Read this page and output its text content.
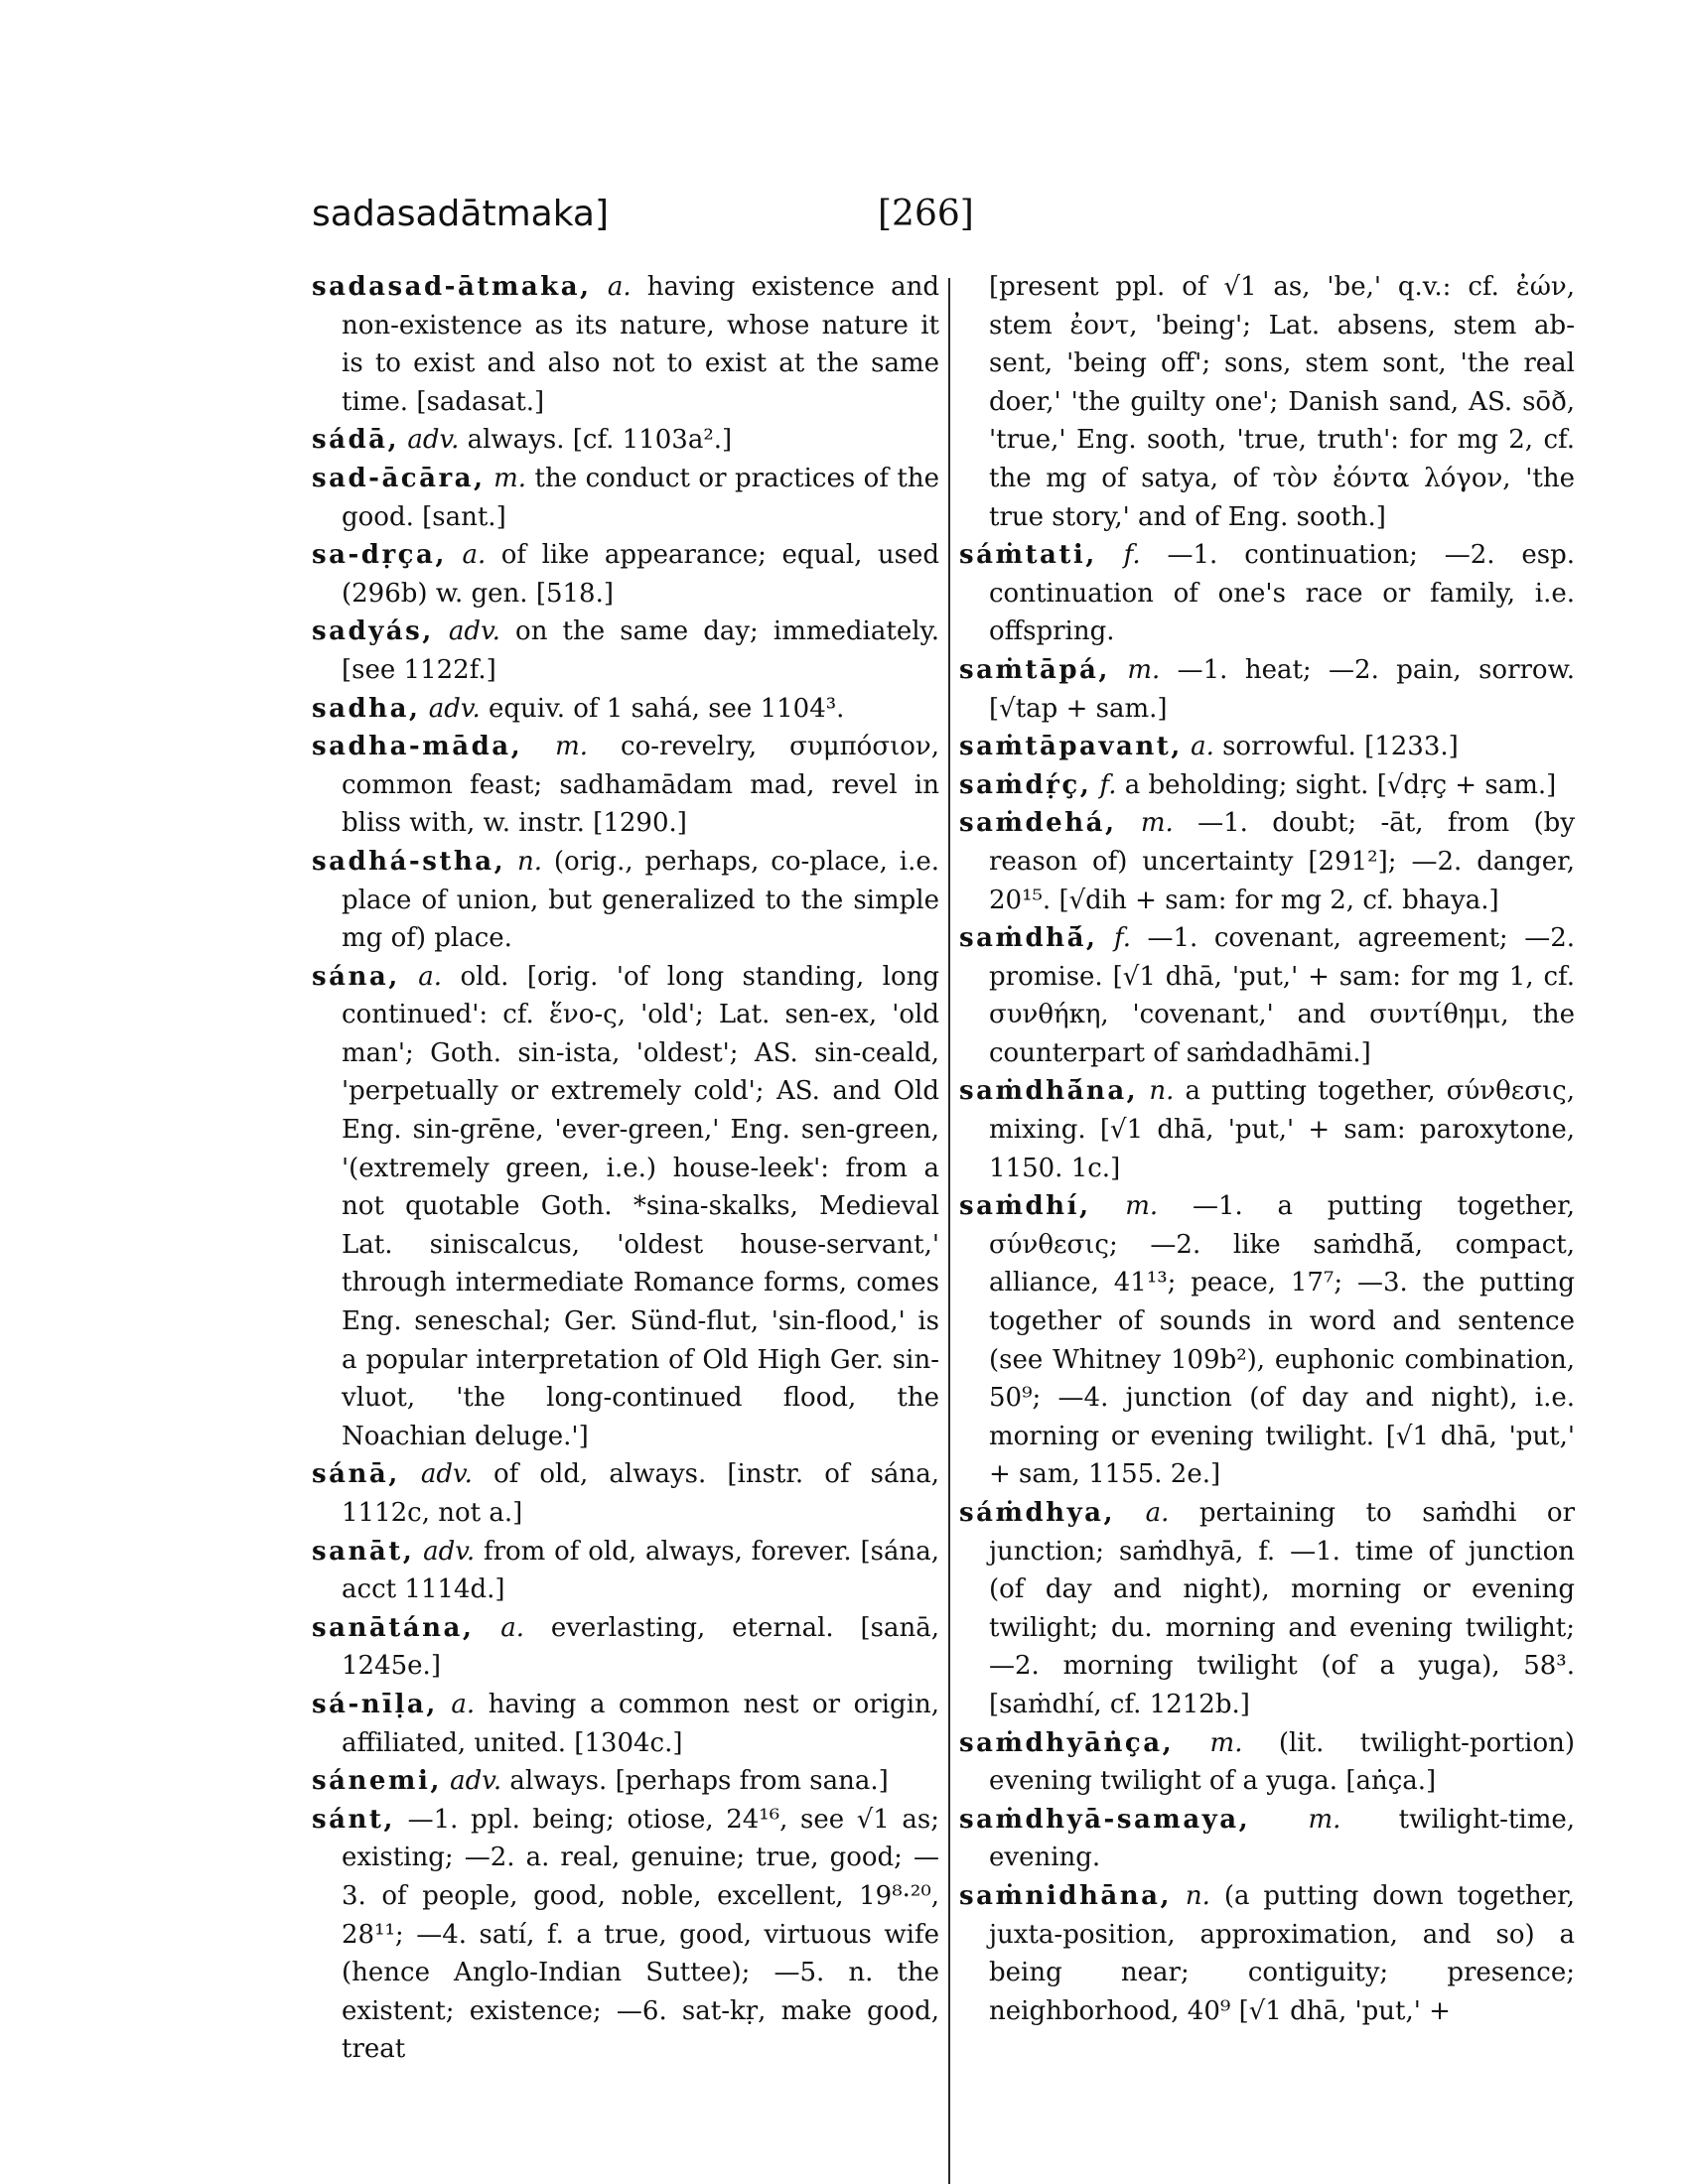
sadasadātmaka]	[266]

sadasad-ātmaka, a. having existence and non-existence as its nature, whose nature it is to exist and also not to exist at the same time. [sadasat.]

sádā, adv. always. [cf. 1103a².]

sad-ācāra, m. the conduct or practices of the good. [sant.]

sa-dṛça, a. of like appearance; equal, used (296b) w. gen. [518.]

sadyás, adv. on the same day; immediately. [see 1122f.]

sadha, adv. equiv. of 1 sahá, see 1104³.

sadha-māda, m. co-revelry, συμπόσιον, common feast; sadhamādam mad, revel in bliss with, w. instr. [1290.]

sadhá-stha, n. (orig., perhaps, co-place, i.e. place of union, but generalized to the simple mg of) place.

sána, a. old. [orig. 'of long standing, long continued': cf. ἕνο-ς, 'old'; Lat. sen-ex, 'old man'; Goth. sin-ista, 'oldest'; AS. sin-ceald, 'perpetually or extremely cold'; AS. and Old Eng. sin-grēne, 'ever-green,' Eng. sen-green, '(extremely green, i.e.) house-leek': from a not quotable Goth. *sina-skalks, Medieval Lat. siniscalcus, 'oldest house-servant,' through intermediate Romance forms, comes Eng. seneschal; Ger. Sünd-flut, 'sin-flood,' is a popular interpretation of Old High Ger. sin-vluot, 'the long-continued flood, the Noachian deluge.']

sánā, adv. of old, always. [instr. of sána, 1112c, not a.]

sanāt, adv. from of old, always, forever. [sána, acct 1114d.]

sanātána, a. everlasting, eternal. [sanā, 1245e.]

sá-nīḷa, a. having a common nest or origin, affiliated, united. [1304c.]

sánemi, adv. always. [perhaps from sana.]

sánt, —1. ppl. being; otiose, 24¹⁶, see √1 as; existing; —2. a. real, genuine; true, good; —3. of people, good, noble, excellent, 19⁸·²⁰, 28¹¹; —4. satí, f. a true, good, virtuous wife (hence Anglo-Indian Suttee); —5. n. the existent; existence; —6. sat-kṛ, make good, treat

[present ppl. of √1 as, 'be,' q.v.: cf. ἐών, stem ἐοντ, 'being'; Lat. absens, stem ab-sent, 'being off'; sons, stem sont, 'the real doer,' 'the guilty one'; Danish sand, AS. sōð, 'true,' Eng. sooth, 'true, truth': for mg 2, cf. the mg of satya, of τὸν ἐόντα λόγον, 'the true story,' and of Eng. sooth.]

sáṁtati, f. —1. continuation; —2. esp. continuation of one's race or family, i.e. offspring.

saṁtāpá, m. —1. heat; —2. pain, sorrow. [√tap + sam.]

saṁtāpavant, a. sorrowful. [1233.]

saṁdṛ́ç, f. a beholding; sight. [√dṛç + sam.]

saṁdehá, m. —1. doubt; -āt, from (by reason of) uncertainty [291²]; —2. danger, 20¹⁵. [√dih + sam: for mg 2, cf. bhaya.]

saṁdhā́, f. —1. covenant, agreement; —2. promise. [√1 dhā, 'put,' + sam: for mg 1, cf. συνθήκη, 'covenant,' and συντίθημι, the counterpart of saṁdadhāmi.]

saṁdhā́na, n. a putting together, σύνθεσις, mixing. [√1 dhā, 'put,' + sam: paroxytone, 1150. 1c.]

saṁdhí, m. —1. a putting together, σύνθεσις; —2. like saṁdhā́, compact, alliance, 41¹³; peace, 17⁷; —3. the putting together of sounds in word and sentence (see Whitney 109b²), euphonic combination, 50⁹; —4. junction (of day and night), i.e. morning or evening twilight. [√1 dhā, 'put,' + sam, 1155. 2e.]

sáṁdhya, a. pertaining to saṁdhi or junction; saṁdhyā, f. —1. time of junction (of day and night), morning or evening twilight; du. morning and evening twilight; —2. morning twilight (of a yuga), 58³. [saṁdhí, cf. 1212b.]

saṁdhyāṅça, m. (lit. twilight-portion) evening twilight of a yuga. [aṅça.]

saṁdhyā-samaya, m. twilight-time, evening.

saṁnidhāna, n. (a putting down together, juxta-position, approximation, and so) a being near; contiguity; presence; neighborhood, 40⁹ [√1 dhā, 'put,' +
